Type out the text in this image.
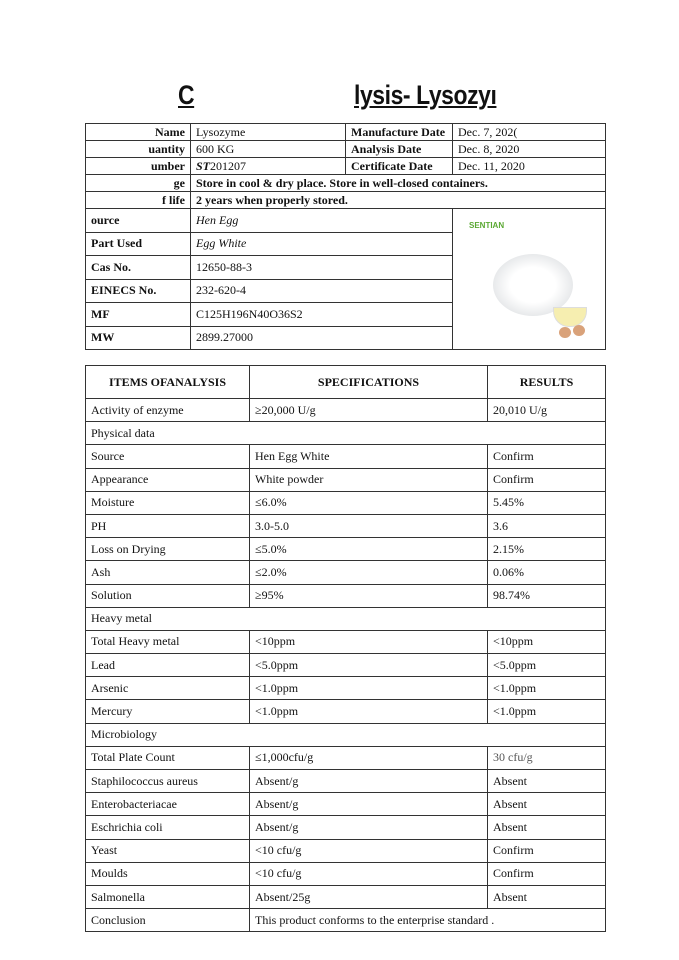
C	lysis- Lysozyı
Name	Lysozyme	Manufacture Date	Dec. 7, 202(
uantity	600 KG	Analysis Date	Dec. 8, 2020
umber	ST201207	Certificate Date	Dec. 11, 2020
ge	Store in cool & dry place. Store in well-closed containers.		
f life	2 years when properly stored.		
ource	Hen Egg		SENTIAN

Part Used	Egg White		
Cas No.	12650-88-3		
EINECS No.	232-620-4		
MF	C125H196N40O36S2		
MW	2899.27000		
ITEMS OFANALYSIS	SPECIFICATIONS	RESULTS
Activity of enzyme	≥20,000 U/g	20,010 U/g
Physical data		
Source	Hen Egg White	Confirm
Appearance	White powder	Confirm
Moisture	≤6.0%	5.45%
PH	3.0-5.0	3.6
Loss on Drying	≤5.0%	2.15%
Ash	≤2.0%	0.06%
Solution	≥95%	98.74%
Heavy metal		
Total Heavy metal	<10ppm	<10ppm
Lead	<5.0ppm	<5.0ppm
Arsenic	<1.0ppm	<1.0ppm
Mercury	<1.0ppm	<1.0ppm
Microbiology		
Total Plate Count	≤1,000cfu/g	30 cfu/g
Staphilococcus aureus	Absent/g	Absent
Enterobacteriacae	Absent/g	Absent
Eschrichia coli	Absent/g	Absent
Yeast	<10 cfu/g	Confirm
Moulds	<10 cfu/g	Confirm
Salmonella	Absent/25g	Absent
Conclusion	This product conforms to the enterprise standard .	
